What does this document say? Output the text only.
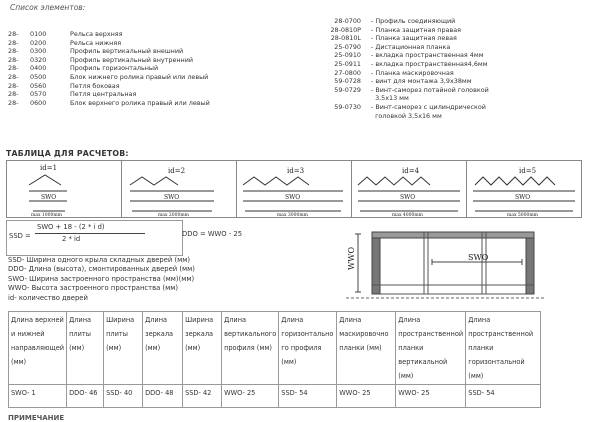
Список элементов:
28-	0100	Рельса верхняя
28-	0200	Рельса нижняя
28-	0300	Профиль вертикальный внешний
28-	0320	Профиль вертикальный внутренний
28-	0400	Профиль горизонтальный
28-	0500	Блок нижнего ролика правый или левый
28-	0560	Петля боковая
28-	0570	Петля центральная
28-	0600	Блок верхнего ролика правый или левый
28-0700	- Профиль соединяющий
28-0810P	- Планка защитная правая
28-0810L	- Планка защитная левая
25-0790	- Дистационная планка
25-0910	- вкладка пространственная 4мм
25-0911	- вкладка пространственная4,6мм
27-0800	- Планка маскировочная
59-0728	- винт для монтажа 3,9х38мм
59-0729	- Винт-саморез потайной головкой
3,5х13 мм
59-0730	- Винт-саморез с цилиндрической
головкой 3,5х16 мм
ТАБЛИЦА ДЛЯ РАСЧЕТОВ:
id=1
SWO
max 1000mm

id=2
SWO
max 2000mm

id=3
SWO
max 3000mm

id=4
SWO
max 4000mm

id=5
SWO
max 5000mm
SSD =
SWO + 18 - (2 * i d)
2 * id
DDO = WWO - 25
WWO	SWO
SSD- Ширина одного крыла складных дверей (мм)
DDO- Длина (высота), смонтированных дверей (мм)
SWO- Ширина застроенного пространства (мм)(мм)
WWO- Высота застроенного пространства (мм)
id- количество дверей
Длина верхней и нижней направляющей (мм)	Длина плиты (мм)	Ширина плиты (мм)	Длина зеркала (мм)	Ширина зеркала (мм)	Длина вертикального профиля (мм)	Длина горизонтально го профиля (мм)	Длина маскировочно планки (мм)	Длина пространственной планки вертикальной (мм)	Длина пространственной планки горизонтальной (мм)
SWO- 1	DDO- 46	SSD- 40	DDO- 48	SSD- 42	WWO- 25	SSD- 54	WWO- 25	WWO- 25	SSD- 54
ПРИМЕЧАНИЕ
